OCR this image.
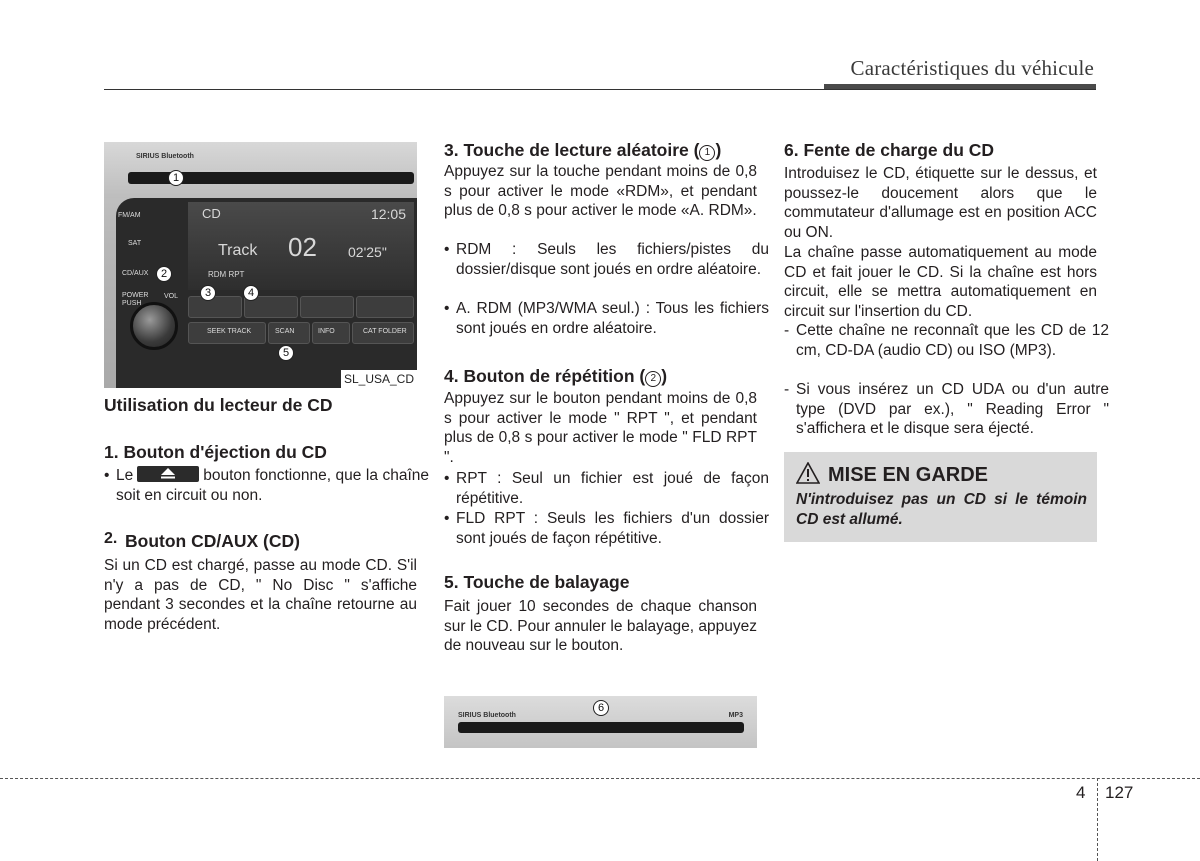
Caractéristiques du véhicule
SIRIUS Bluetooth
FM/AM
SAT
CD/AUX
POWER
PUSH
VOL
CD	12:05
Track 02 02'25"
RDM RPT
SEEK TRACK	SCAN	INFO	CAT FOLDER
1
2
3	4
5
SL_USA_CD
Utilisation du lecteur de CD
1. Bouton d'éjection du CD
• Le	bouton fonctionne, que la chaîne soit en circuit ou non.
2. Bouton CD/AUX (CD)
Si un CD est chargé, passe au mode CD. S'il n'y a pas de CD, " No Disc " s'affiche pendant 3 secondes et la chaîne retourne au mode précédent.
3. Touche de lecture aléatoire ( 1 )
Appuyez sur la touche pendant moins de 0,8 s pour activer le mode «RDM», et pendant plus de 0,8 s pour activer le mode «A. RDM».
• RDM : Seuls les fichiers/pistes du dossier/disque sont joués en ordre aléatoire.
• A. RDM (MP3/WMA seul.) : Tous les fichiers sont joués en ordre aléatoire.
4. Bouton de répétition ( 2 )
Appuyez sur le bouton pendant moins de 0,8 s pour activer le mode " RPT ", et pendant plus de 0,8 s pour activer le mode " FLD RPT ".
• RPT : Seul un fichier est joué de façon répétitive.
• FLD RPT : Seuls les fichiers d'un dossier sont joués de façon répétitive.
5. Touche de balayage
Fait jouer 10 secondes de chaque chanson sur le CD. Pour annuler le balayage, appuyez de nouveau sur le bouton.
SIRIUS Bluetooth	MP3
6
6. Fente de charge du CD
Introduisez le CD, étiquette sur le dessus, et poussez-le doucement alors que le commutateur d'allumage est en position ACC ou ON.
La chaîne passe automatiquement au mode CD et fait jouer le CD. Si la chaîne est hors circuit, elle se mettra automatiquement en circuit sur l'insertion du CD.
- Cette chaîne ne reconnaît que les CD de 12 cm, CD-DA (audio CD) ou ISO (MP3).
- Si vous insérez un CD UDA ou d'un autre type (DVD par ex.), " Reading Error " s'affichera et le disque sera éjecté.
MISE EN GARDE
N'introduisez pas un CD si le témoin CD est allumé.
4 127
